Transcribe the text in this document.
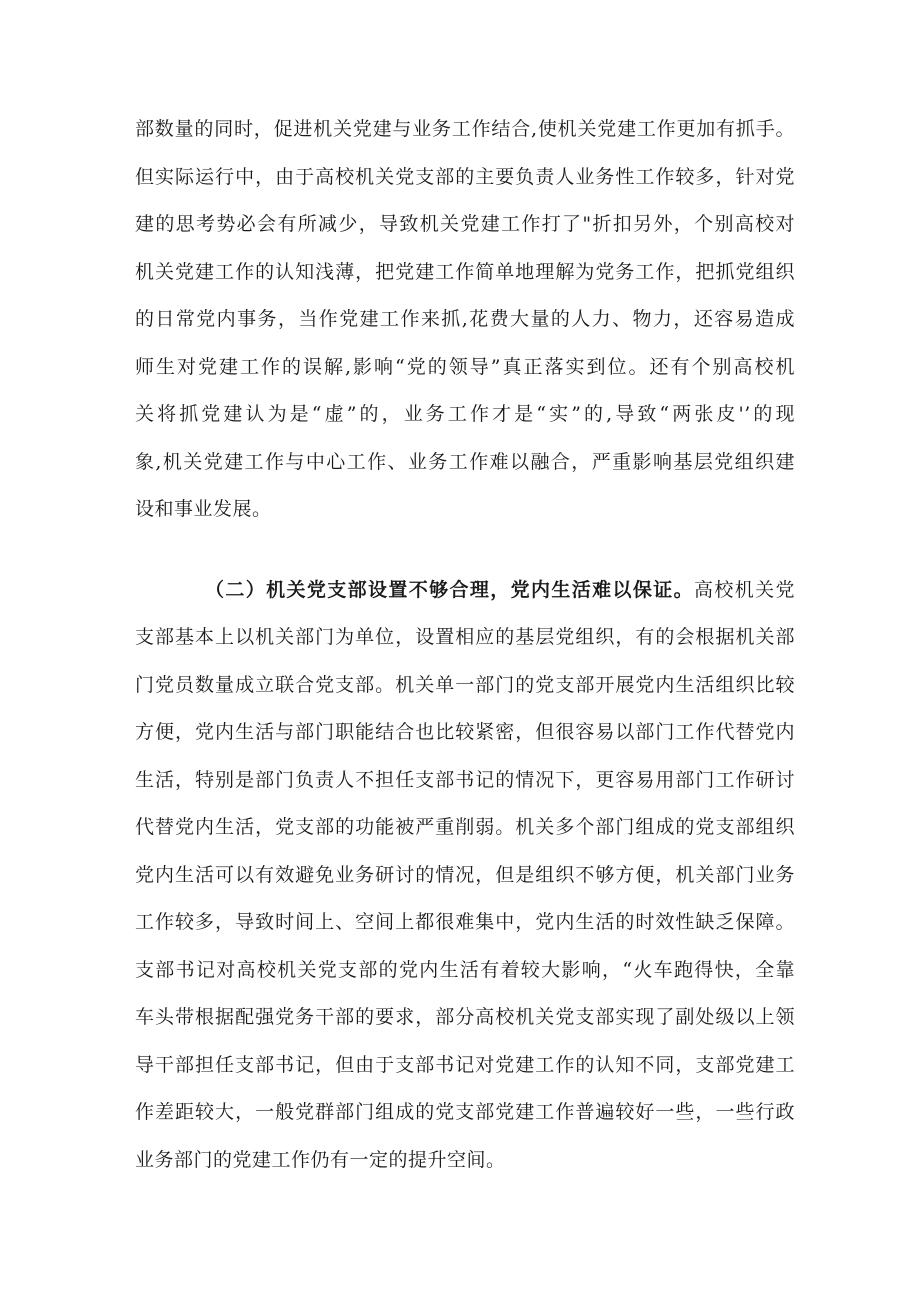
部数量的同时，促进机关党建与业务工作结合,使机关党建工作更加有抓手。
但实际运行中，由于高校机关党支部的主要负责人业务性工作较多，针对党
建的思考势必会有所减少，导致机关党建工作打了"折扣另外，个别高校对
机关党建工作的认知浅薄，把党建工作简单地理解为党务工作，把抓党组织
的日常党内事务，当作党建工作来抓,花费大量的人力、物力，还容易造成
师生对党建工作的误解,影响“党的领导”真正落实到位。还有个别高校机
关将抓党建认为是“虚”的，业务工作才是“实”的,导致“两张皮'’的现
象,机关党建工作与中心工作、业务工作难以融合，严重影响基层党组织建
设和事业发展。
（二）机关党支部设置不够合理，党内生活难以保证。高校机关党
支部基本上以机关部门为单位，设置相应的基层党组织，有的会根据机关部
门党员数量成立联合党支部。机关单一部门的党支部开展党内生活组织比较
方便，党内生活与部门职能结合也比较紧密，但很容易以部门工作代替党内
生活，特别是部门负责人不担任支部书记的情况下，更容易用部门工作研讨
代替党内生活，党支部的功能被严重削弱。机关多个部门组成的党支部组织
党内生活可以有效避免业务研讨的情况，但是组织不够方便，机关部门业务
工作较多，导致时间上、空间上都很难集中，党内生活的时效性缺乏保障。
支部书记对高校机关党支部的党内生活有着较大影响，“火车跑得快，全靠
车头带根据配强党务干部的要求，部分高校机关党支部实现了副处级以上领
导干部担任支部书记，但由于支部书记对党建工作的认知不同，支部党建工
作差距较大，一般党群部门组成的党支部党建工作普遍较好一些，一些行政
业务部门的党建工作仍有一定的提升空间。
